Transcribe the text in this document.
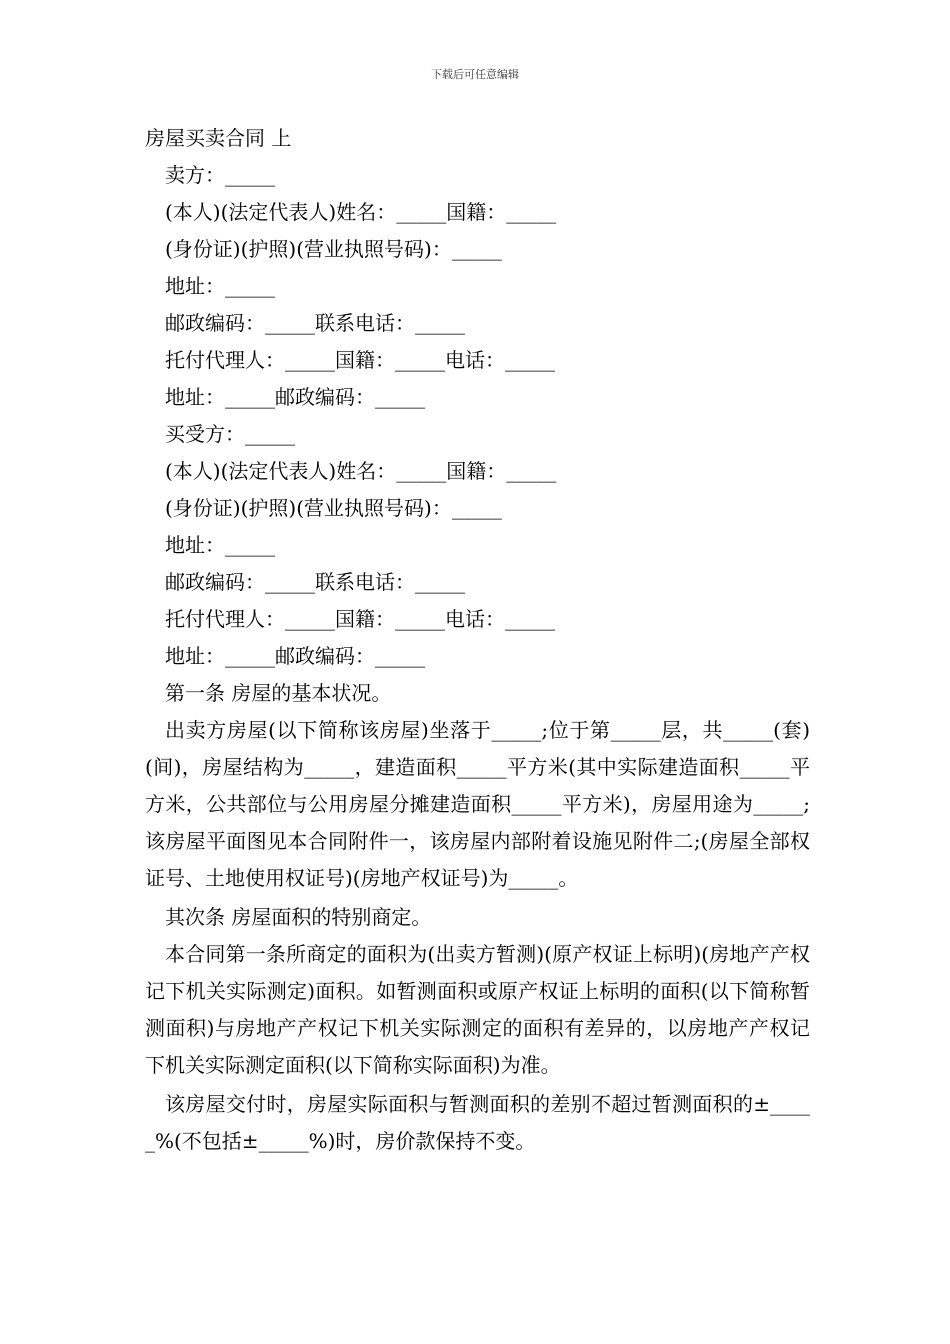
下载后可任意编辑
房屋买卖合同 上
卖方：_____
(本人)(法定代表人)姓名：_____国籍：_____
(身份证)(护照)(营业执照号码)：_____
地址：_____
邮政编码：_____联系电话：_____
托付代理人：_____国籍：_____电话：_____
地址：_____邮政编码：_____
买受方：_____
(本人)(法定代表人)姓名：_____国籍：_____
(身份证)(护照)(营业执照号码)：_____
地址：_____
邮政编码：_____联系电话：_____
托付代理人：_____国籍：_____电话：_____
地址：_____邮政编码：_____
第一条 房屋的基本状况。

出卖方房屋(以下简称该房屋)坐落于_____;位于第_____层，共_____(套)(间)，房屋结构为_____，建造面积_____平方米(其中实际建造面积_____平方米，公共部位与公用房屋分摊建造面积_____平方米)，房屋用途为_____;该房屋平面图见本合同附件一，该房屋内部附着设施见附件二;(房屋全部权证号、土地使用权证号)(房地产权证号)为_____。

其次条 房屋面积的特别商定。

本合同第一条所商定的面积为(出卖方暂测)(原产权证上标明)(房地产产权记下机关实际测定)面积。如暂测面积或原产权证上标明的面积(以下简称暂测面积)与房地产产权记下机关实际测定的面积有差异的，以房地产产权记下机关实际测定面积(以下简称实际面积)为准。

该房屋交付时，房屋实际面积与暂测面积的差别不超过暂测面积的±_____%(不包括±_____%)时，房价款保持不变。
